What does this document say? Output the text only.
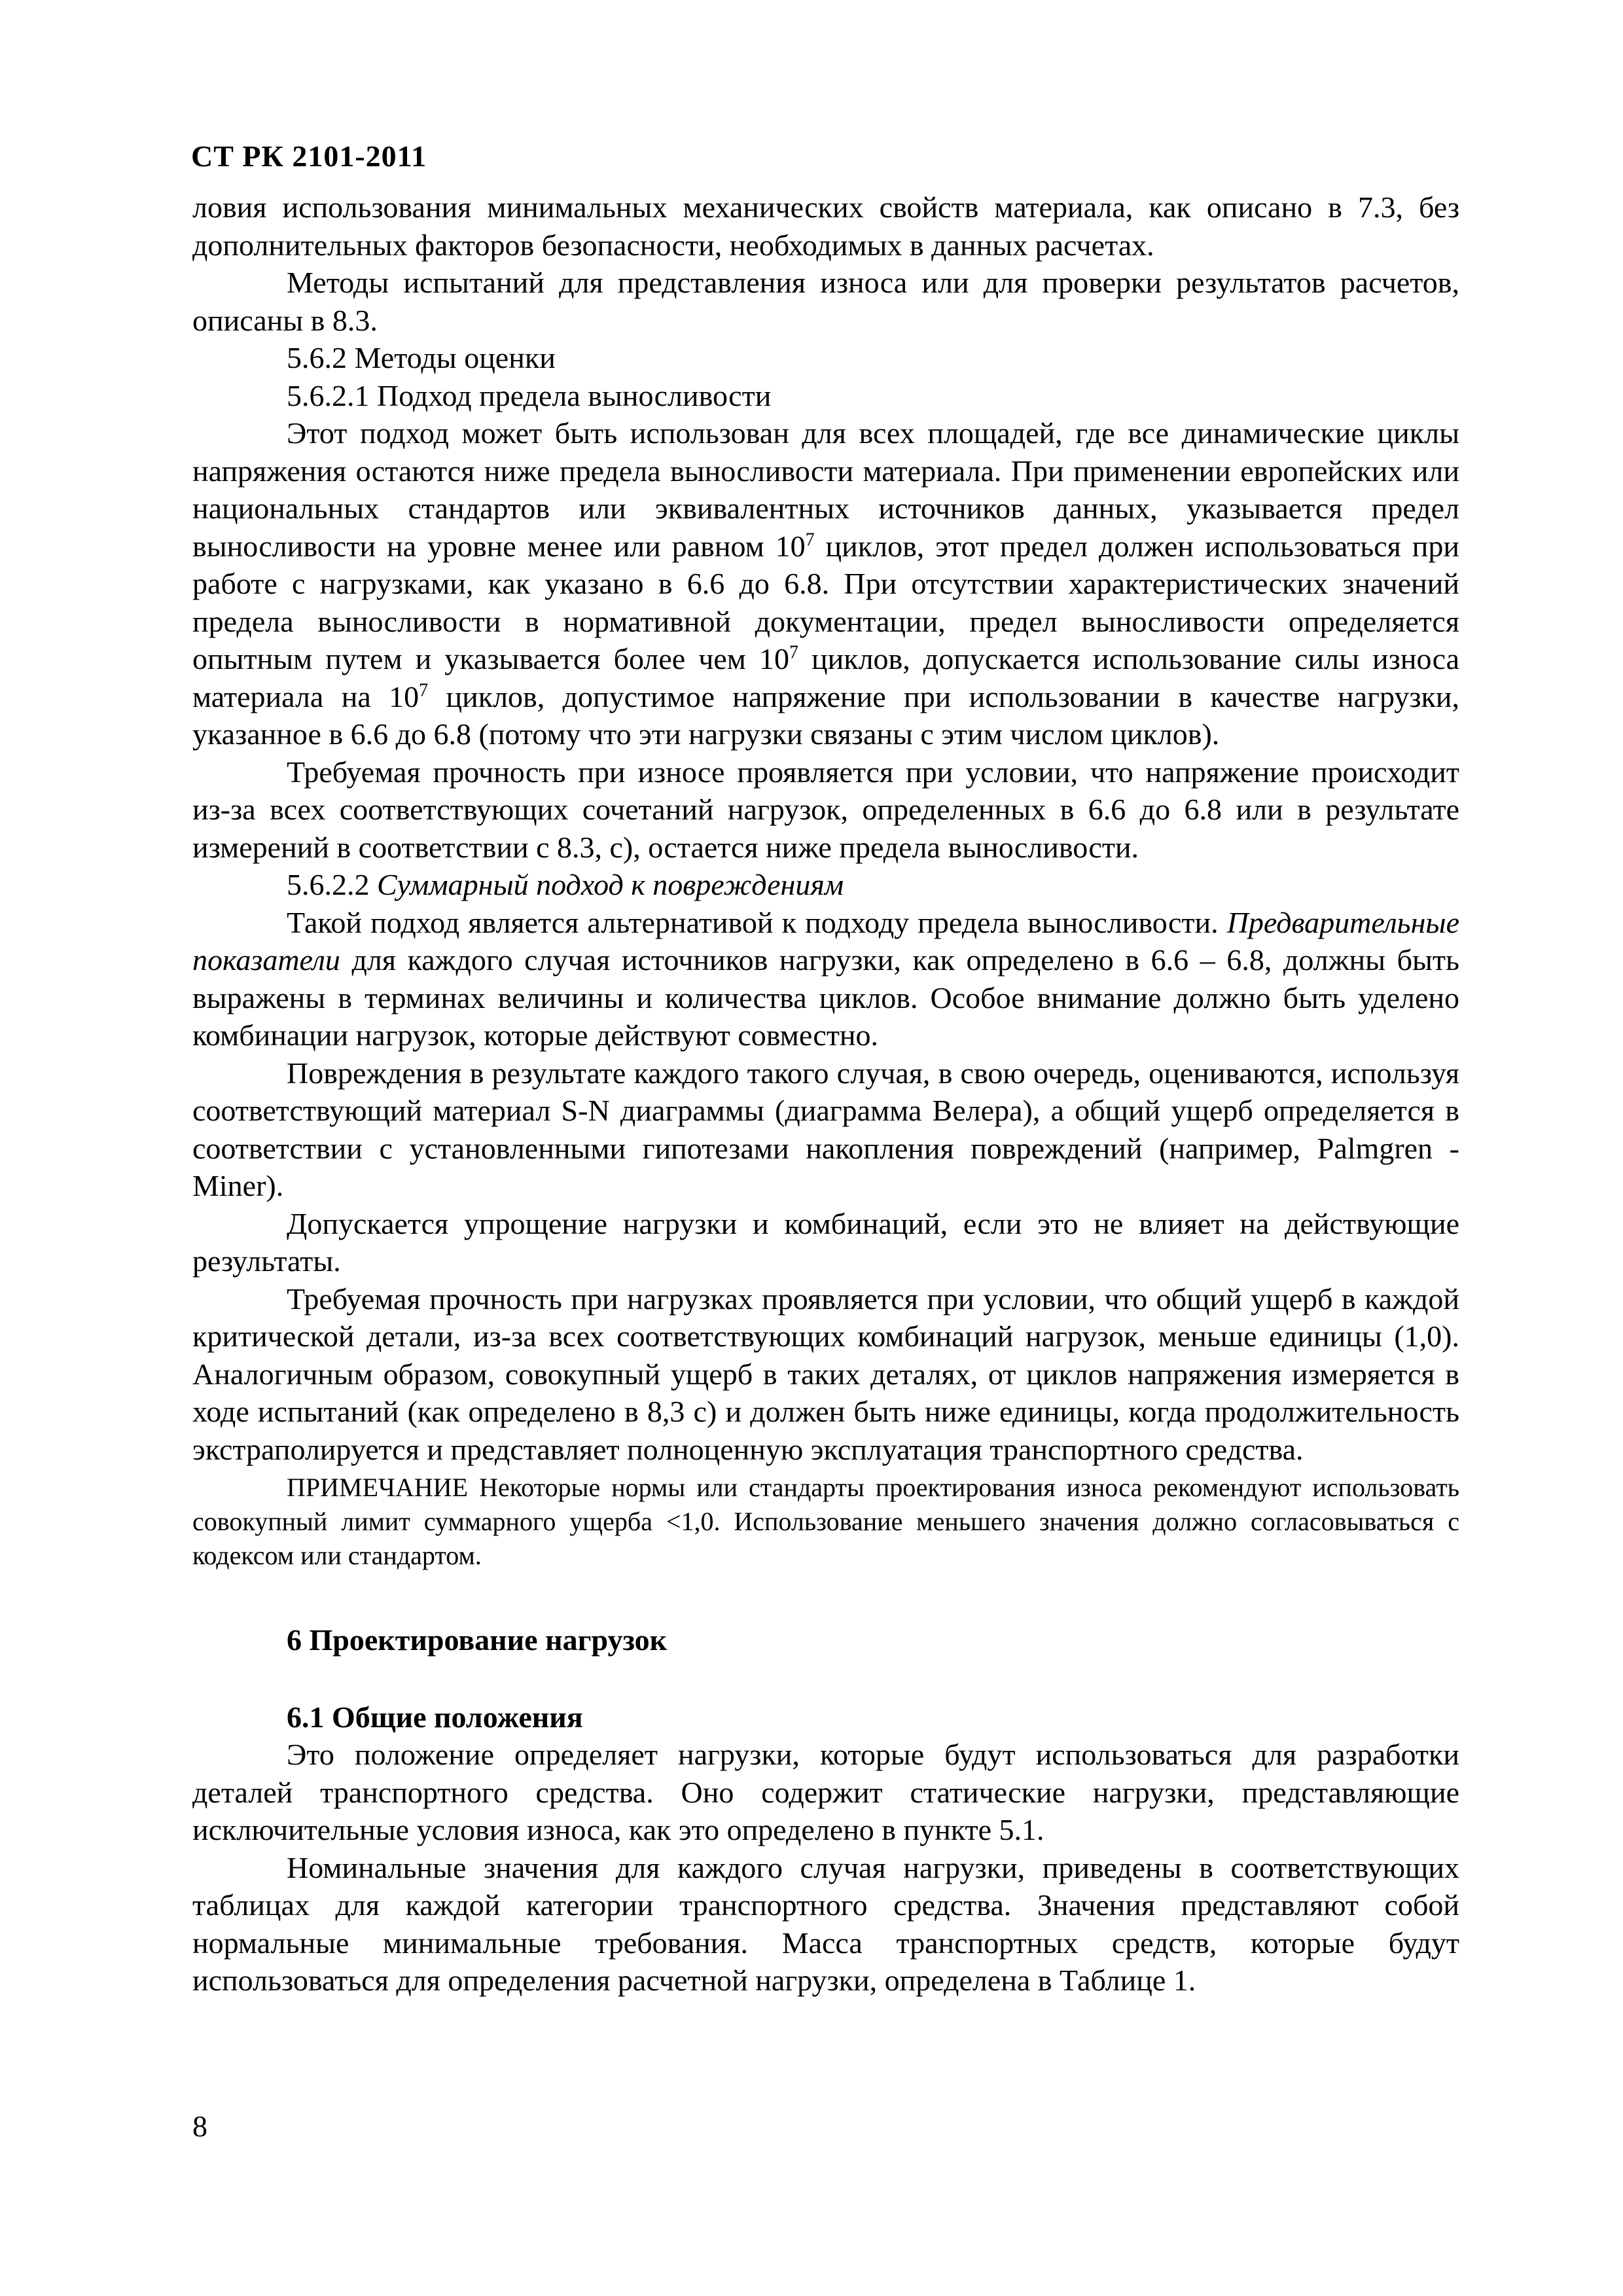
СТ РК 2101-2011

ловия использования минимальных механических свойств материала, как описано в 7.3, без дополнительных факторов безопасности, необходимых в данных расчетах.

Методы испытаний для представления износа или для проверки результатов расчетов, описаны в 8.3.

5.6.2 Методы оценки

5.6.2.1 Подход предела выносливости

Этот подход может быть использован для всех площадей, где все динамические циклы напряжения остаются ниже предела выносливости материала. При применении европейских или национальных стандартов или эквивалентных источников данных, указывается предел выносливости на уровне менее или равном $10^7$ циклов, этот предел должен использоваться при работе с нагрузками, как указано в 6.6 до 6.8. При отсутствии характеристических значений предела выносливости в нормативной документации, предел выносливости определяется опытным путем и указывается более чем $10^7$ циклов, допускается использование силы износа материала на $10^7$ циклов, допустимое напряжение при использовании в качестве нагрузки, указанное в 6.6 до 6.8 (потому что эти нагрузки связаны с этим числом циклов).

Требуемая прочность при износе проявляется при условии, что напряжение происходит из-за всех соответствующих сочетаний нагрузок, определенных в 6.6 до 6.8 или в результате измерений в соответствии с 8.3, с), остается ниже предела выносливости.

5.6.2.2 Суммарный подход к повреждениям

Такой подход является альтернативой к подходу предела выносливости. Предварительные показатели для каждого случая источников нагрузки, как определено в 6.6 – 6.8, должны быть выражены в терминах величины и количества циклов. Особое внимание должно быть уделено комбинации нагрузок, которые действуют совместно.

Повреждения в результате каждого такого случая, в свою очередь, оцениваются, используя соответствующий материал S-N диаграммы (диаграмма Велера), а общий ущерб определяется в соответствии с установленными гипотезами накопления повреждений (например, Palmgren - Miner).

Допускается упрощение нагрузки и комбинаций, если это не влияет на действующие результаты.

Требуемая прочность при нагрузках проявляется при условии, что общий ущерб в каждой критической детали, из-за всех соответствующих комбинаций нагрузок, меньше единицы (1,0). Аналогичным образом, совокупный ущерб в таких деталях, от циклов напряжения измеряется в ходе испытаний (как определено в 8,3 с) и должен быть ниже единицы, когда продолжительность экстраполируется и представляет полноценную эксплуатация транспортного средства.

ПРИМЕЧАНИЕ Некоторые нормы или стандарты проектирования износа рекомендуют использовать совокупный лимит суммарного ущерба <1,0. Использование меньшего значения должно согласовываться с кодексом или стандартом.

6 Проектирование нагрузок

6.1 Общие положения

Это положение определяет нагрузки, которые будут использоваться для разработки деталей транспортного средства. Оно содержит статические нагрузки, представляющие исключительные условия износа, как это определено в пункте 5.1.

Номинальные значения для каждого случая нагрузки, приведены в соответствующих таблицах для каждой категории транспортного средства. Значения представляют собой нормальные минимальные требования. Масса транспортных средств, которые будут использоваться для определения расчетной нагрузки, определена в Таблице 1.

8
